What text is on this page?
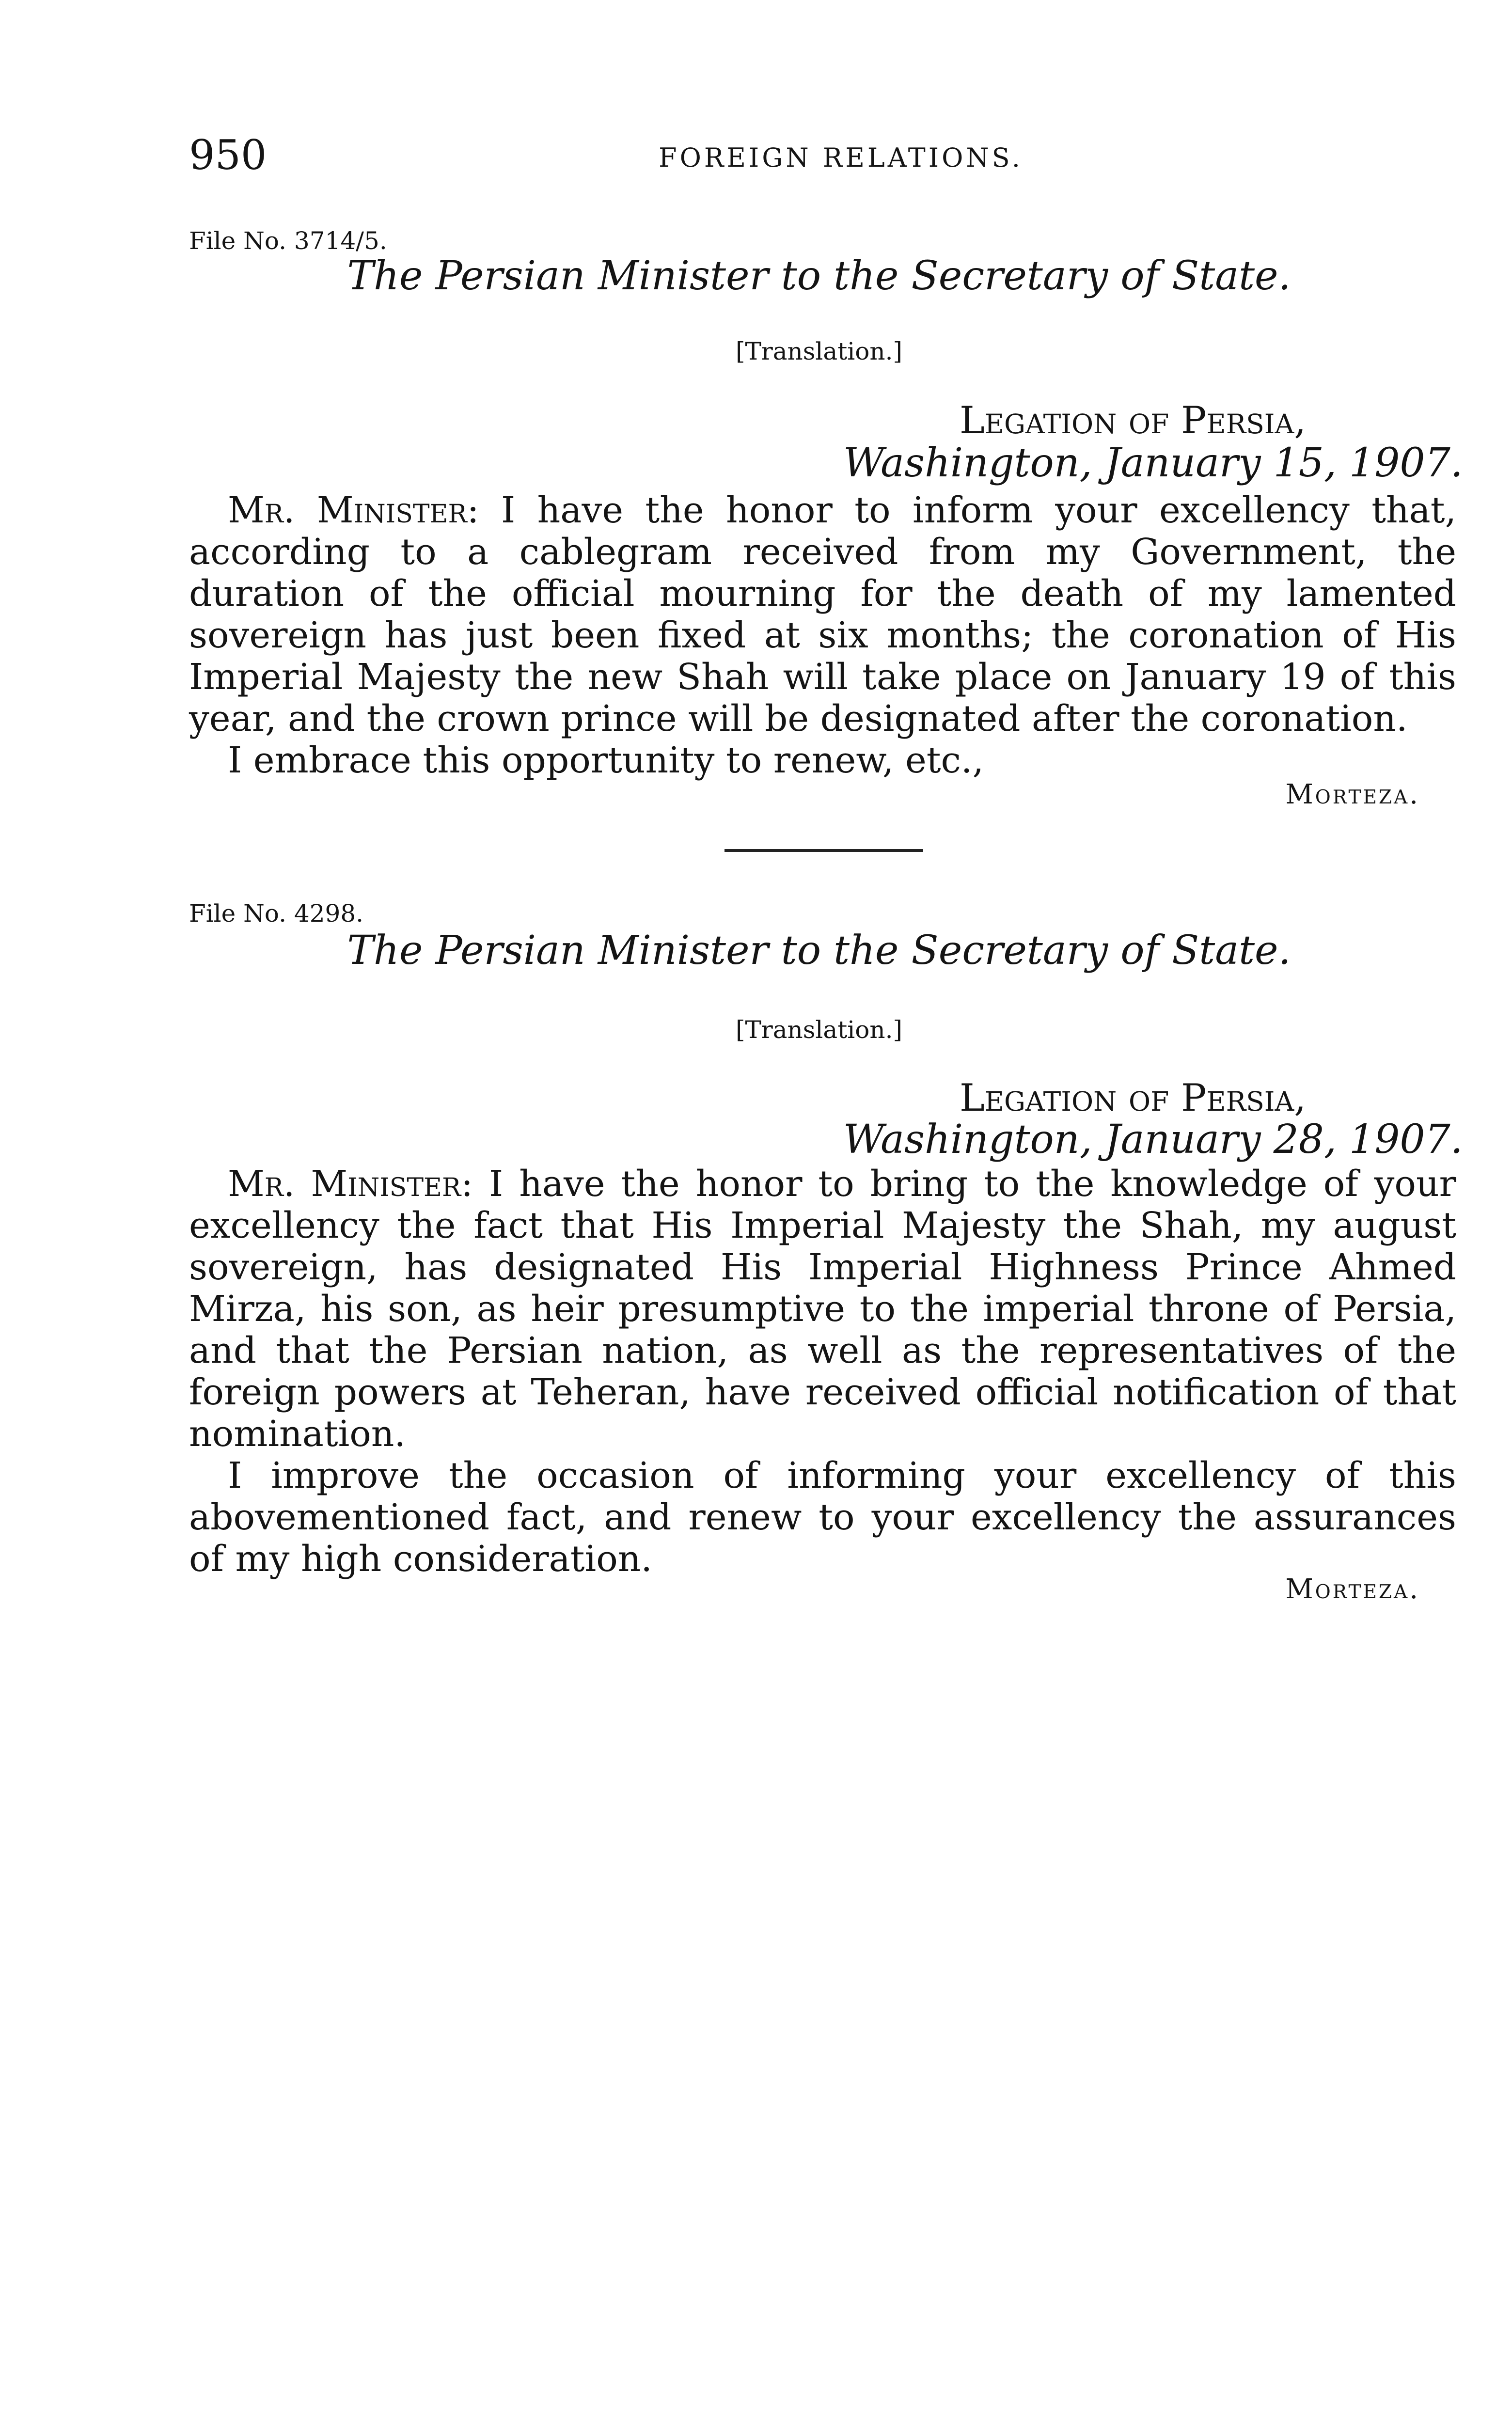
950	FOREIGN RELATIONS.
File No. 3714/5.
The Persian Minister to the Secretary of State.
[Translation.]
Legation of Persia,
Washington, January 15, 1907.

Mr. Minister: I have the honor to inform your excellency that, according to a cablegram received from my Government, the duration of the official mourning for the death of my lamented sovereign has just been fixed at six months; the coronation of His Imperial Majesty the new Shah will take place on January 19 of this year, and the crown prince will be designated after the coronation.

I embrace this opportunity to renew, etc.,

Morteza.
File No. 4298.
The Persian Minister to the Secretary of State.
[Translation.]
Legation of Persia,
Washington, January 28, 1907.

Mr. Minister: I have the honor to bring to the knowledge of your excellency the fact that His Imperial Majesty the Shah, my august sovereign, has designated His Imperial Highness Prince Ahmed Mirza, his son, as heir presumptive to the imperial throne of Persia, and that the Persian nation, as well as the representatives of the foreign powers at Teheran, have received official notification of that nomination.

I improve the occasion of informing your excellency of this abovementioned fact, and renew to your excellency the assurances of my high consideration.

Morteza.
